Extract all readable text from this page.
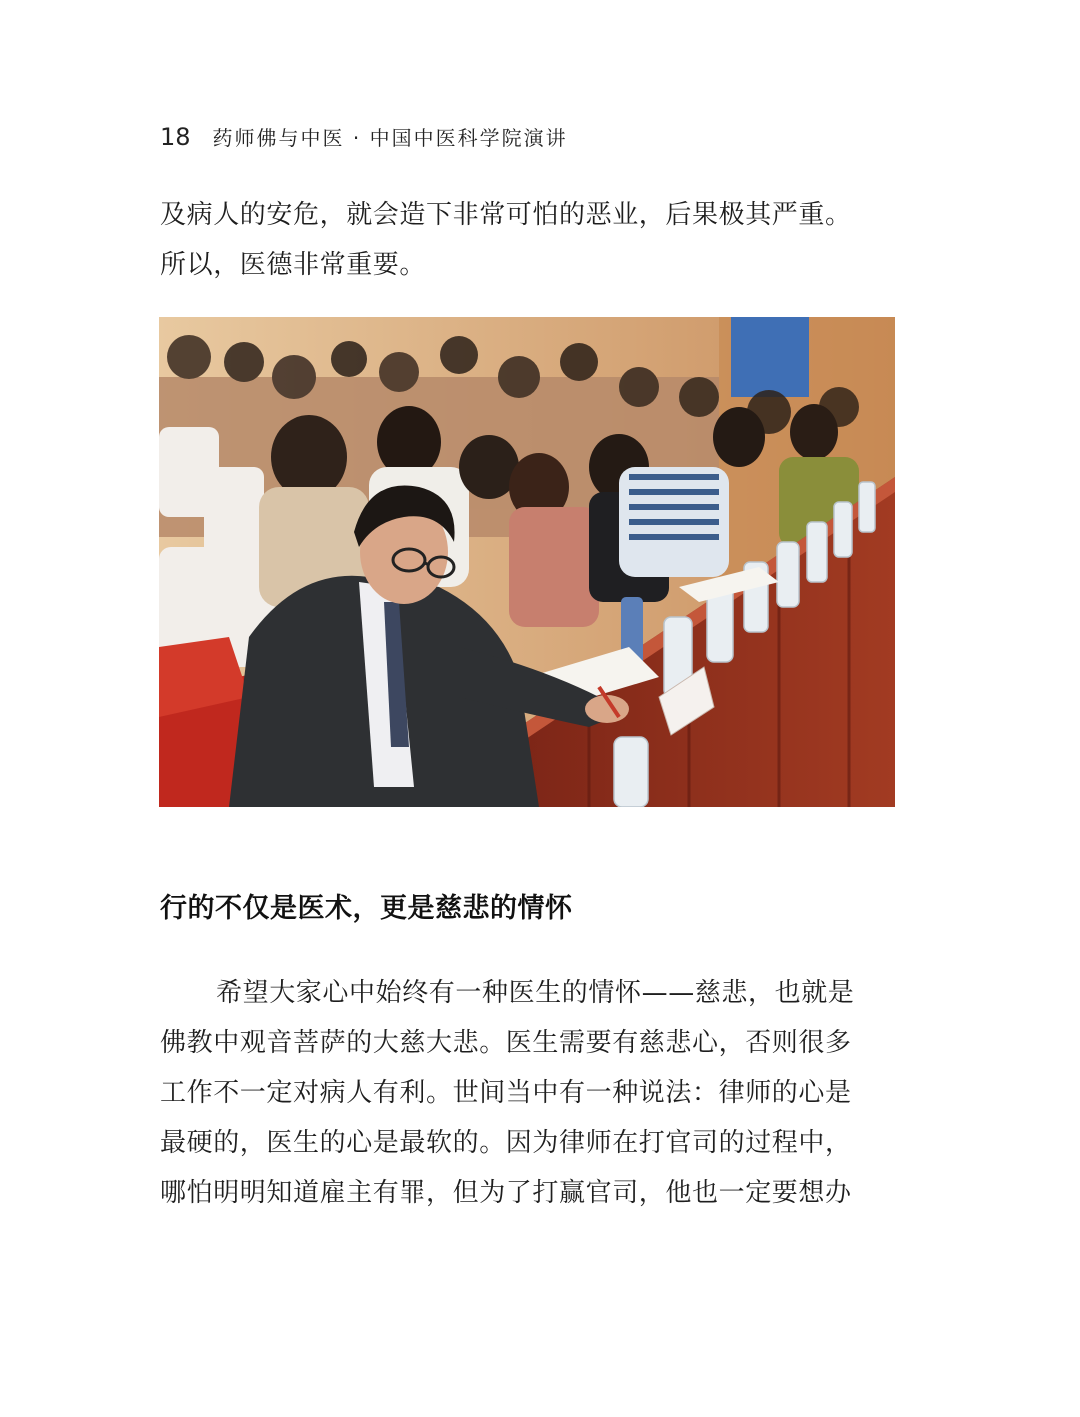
18 药师佛与中医 · 中国中医科学院演讲
及病人的安危，就会造下非常可怕的恶业，后果极其严重。
所以，医德非常重要。
行的不仅是医术，更是慈悲的情怀
希望大家心中始终有一种医生的情怀——慈悲，也就是
佛教中观音菩萨的大慈大悲。医生需要有慈悲心，否则很多
工作不一定对病人有利。世间当中有一种说法：律师的心是
最硬的，医生的心是最软的。因为律师在打官司的过程中，
哪怕明明知道雇主有罪，但为了打赢官司，他也一定要想办
